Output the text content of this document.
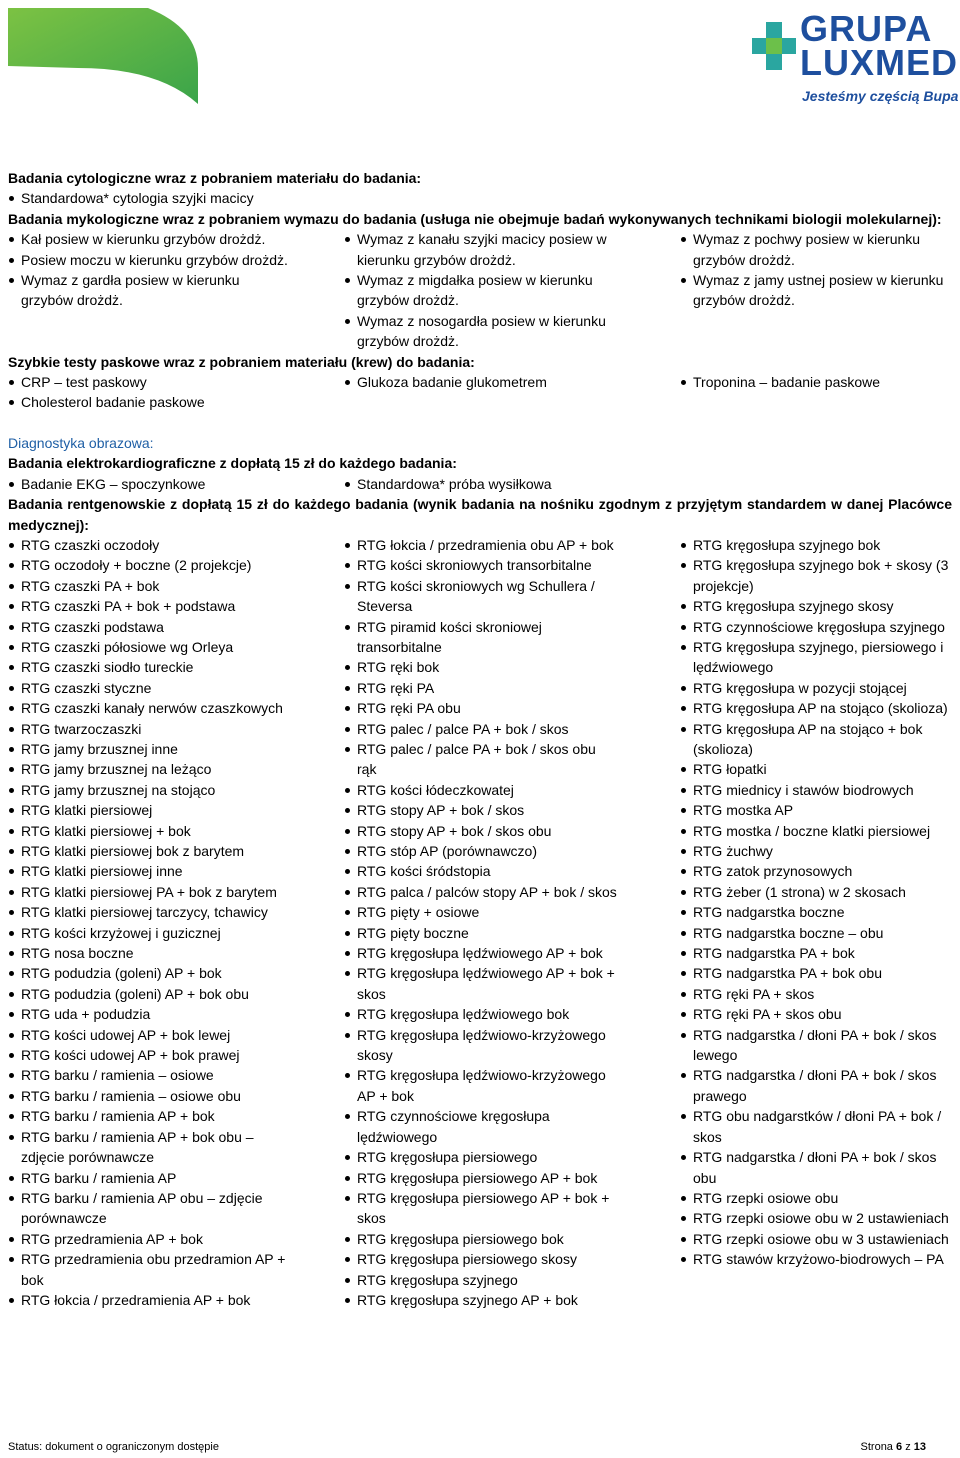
GRUPA
LUXMED
Jesteśmy częścią Bupa

Badania cytologiczne wraz z pobraniem materiału do badania:

Standardowa* cytologia szyjki macicy

Badania mykologiczne wraz z pobraniem wymazu do badania (usługa nie obejmuje badań wykonywanych technikami biologii molekularnej):

Kał posiew w kierunku grzybów drożdż.
Posiew moczu w kierunku grzybów drożdż.
Wymaz z gardła posiew w kierunku grzybów drożdż.
Wymaz z kanału szyjki macicy posiew w kierunku grzybów drożdż.
Wymaz z migdałka posiew w kierunku grzybów drożdż.
Wymaz z nosogardła posiew w kierunku grzybów drożdż.
Wymaz z pochwy posiew w kierunku grzybów drożdż.
Wymaz z jamy ustnej posiew w kierunku grzybów drożdż.

Szybkie testy paskowe wraz z pobraniem materiału (krew) do badania:

CRP – test paskowy
Cholesterol badanie paskowe
Glukoza badanie glukometrem	Troponina – badanie paskowe

Diagnostyka obrazowa:

Badania elektrokardiograficzne z dopłatą 15 zł do każdego badania:

Badanie EKG – spoczynkowe	Standardowa* próba wysiłkowa

Badania rentgenowskie z dopłatą 15 zł do każdego badania (wynik badania na nośniku zgodnym z przyjętym standardem w danej Placówce medycznej):

RTG czaszki oczodoły
RTG oczodoły + boczne (2 projekcje)
RTG czaszki PA + bok
RTG czaszki PA + bok + podstawa
RTG czaszki podstawa
RTG czaszki półosiowe wg Orleya
RTG czaszki siodło tureckie
RTG czaszki styczne
RTG czaszki kanały nerwów czaszkowych
RTG twarzoczaszki
RTG jamy brzusznej inne
RTG jamy brzusznej na leżąco
RTG jamy brzusznej na stojąco
RTG klatki piersiowej
RTG klatki piersiowej + bok
RTG klatki piersiowej bok z barytem
RTG klatki piersiowej inne
RTG klatki piersiowej PA + bok z barytem
RTG klatki piersiowej tarczycy, tchawicy
RTG kości krzyżowej i guzicznej
RTG nosa boczne
RTG podudzia (goleni) AP + bok
RTG podudzia (goleni) AP + bok obu
RTG uda + podudzia
RTG kości udowej AP + bok lewej
RTG kości udowej AP + bok prawej
RTG barku / ramienia – osiowe
RTG barku / ramienia – osiowe obu
RTG barku / ramienia AP + bok
RTG barku / ramienia AP + bok obu – zdjęcie porównawcze
RTG barku / ramienia AP
RTG barku / ramienia AP obu – zdjęcie porównawcze
RTG przedramienia AP + bok
RTG przedramienia obu przedramion AP + bok
RTG łokcia / przedramienia AP + bok
RTG łokcia / przedramienia obu AP + bok
RTG kości skroniowych transorbitalne
RTG kości skroniowych wg Schullera / Steversa
RTG piramid kości skroniowej transorbitalne
RTG ręki bok
RTG ręki PA
RTG ręki PA obu
RTG palec / palce PA + bok / skos
RTG palec / palce PA + bok / skos obu rąk
RTG kości łódeczkowatej
RTG stopy AP + bok / skos
RTG stopy AP + bok / skos obu
RTG stóp AP (porównawczo)
RTG kości śródstopia
RTG palca / palców stopy AP + bok / skos
RTG pięty + osiowe
RTG pięty boczne
RTG kręgosłupa lędźwiowego AP + bok
RTG kręgosłupa lędźwiowego AP + bok + skos
RTG kręgosłupa lędźwiowego bok
RTG kręgosłupa lędźwiowo-krzyżowego skosy
RTG kręgosłupa lędźwiowo-krzyżowego AP + bok
RTG czynnościowe kręgosłupa lędźwiowego
RTG kręgosłupa piersiowego
RTG kręgosłupa piersiowego AP + bok
RTG kręgosłupa piersiowego AP + bok + skos
RTG kręgosłupa piersiowego bok
RTG kręgosłupa piersiowego skosy
RTG kręgosłupa szyjnego
RTG kręgosłupa szyjnego AP + bok
RTG kręgosłupa szyjnego bok
RTG kręgosłupa szyjnego bok + skosy (3 projekcje)
RTG kręgosłupa szyjnego skosy
RTG czynnościowe kręgosłupa szyjnego
RTG kręgosłupa szyjnego, piersiowego i lędźwiowego
RTG kręgosłupa w pozycji stojącej
RTG kręgosłupa AP na stojąco (skolioza)
RTG kręgosłupa AP na stojąco + bok (skolioza)
RTG łopatki
RTG miednicy i stawów biodrowych
RTG mostka AP
RTG mostka / boczne klatki piersiowej
RTG żuchwy
RTG zatok przynosowych
RTG żeber (1 strona) w 2 skosach
RTG nadgarstka boczne
RTG nadgarstka boczne – obu
RTG nadgarstka PA + bok
RTG nadgarstka PA + bok obu
RTG ręki PA + skos
RTG ręki PA + skos obu
RTG nadgarstka / dłoni PA + bok / skos lewego
RTG nadgarstka / dłoni PA + bok / skos prawego
RTG obu nadgarstków / dłoni PA + bok / skos
RTG nadgarstka / dłoni PA + bok / skos obu
RTG rzepki osiowe obu
RTG rzepki osiowe obu w 2 ustawieniach
RTG rzepki osiowe obu w 3 ustawieniach
RTG stawów krzyżowo-biodrowych – PA
Status: dokument o ograniczonym dostępie	Strona 6 z 13
